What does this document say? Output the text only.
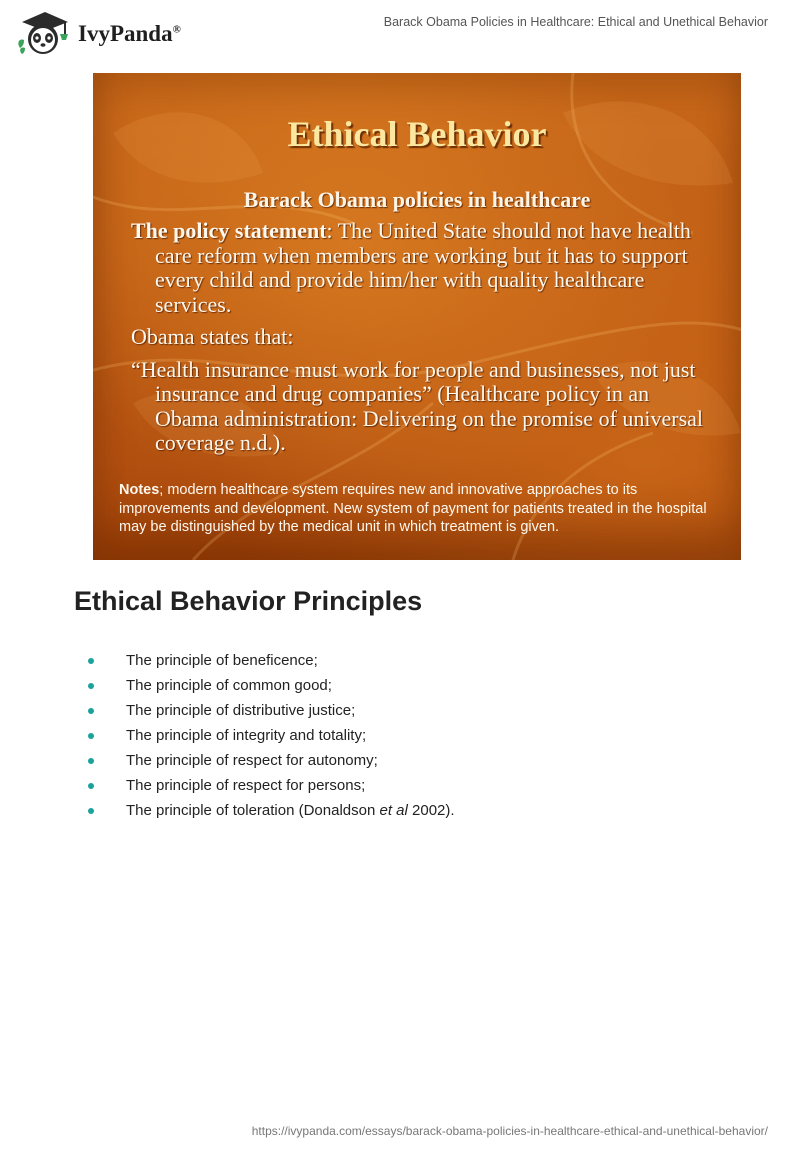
IvyPanda®
Barack Obama Policies in Healthcare: Ethical and Unethical Behavior
Ethical Behavior
Barack Obama policies in healthcare

The policy statement: The United State should not have health care reform when members are working but it has to support every child and provide him/her with quality healthcare services.

Obama states that:

“Health insurance must work for people and businesses, not just insurance and drug companies” (Healthcare policy in an Obama administration: Delivering on the promise of universal coverage n.d.).

Notes; modern healthcare system requires new and innovative approaches to its improvements and development. New system of payment for patients treated in the hospital may be distinguished by the medical unit in which treatment is given.
Ethical Behavior Principles
The principle of beneficence;
The principle of common good;
The principle of distributive justice;
The principle of integrity and totality;
The principle of respect for autonomy;
The principle of respect for persons;
The principle of toleration (Donaldson et al 2002).
https://ivypanda.com/essays/barack-obama-policies-in-healthcare-ethical-and-unethical-behavior/
